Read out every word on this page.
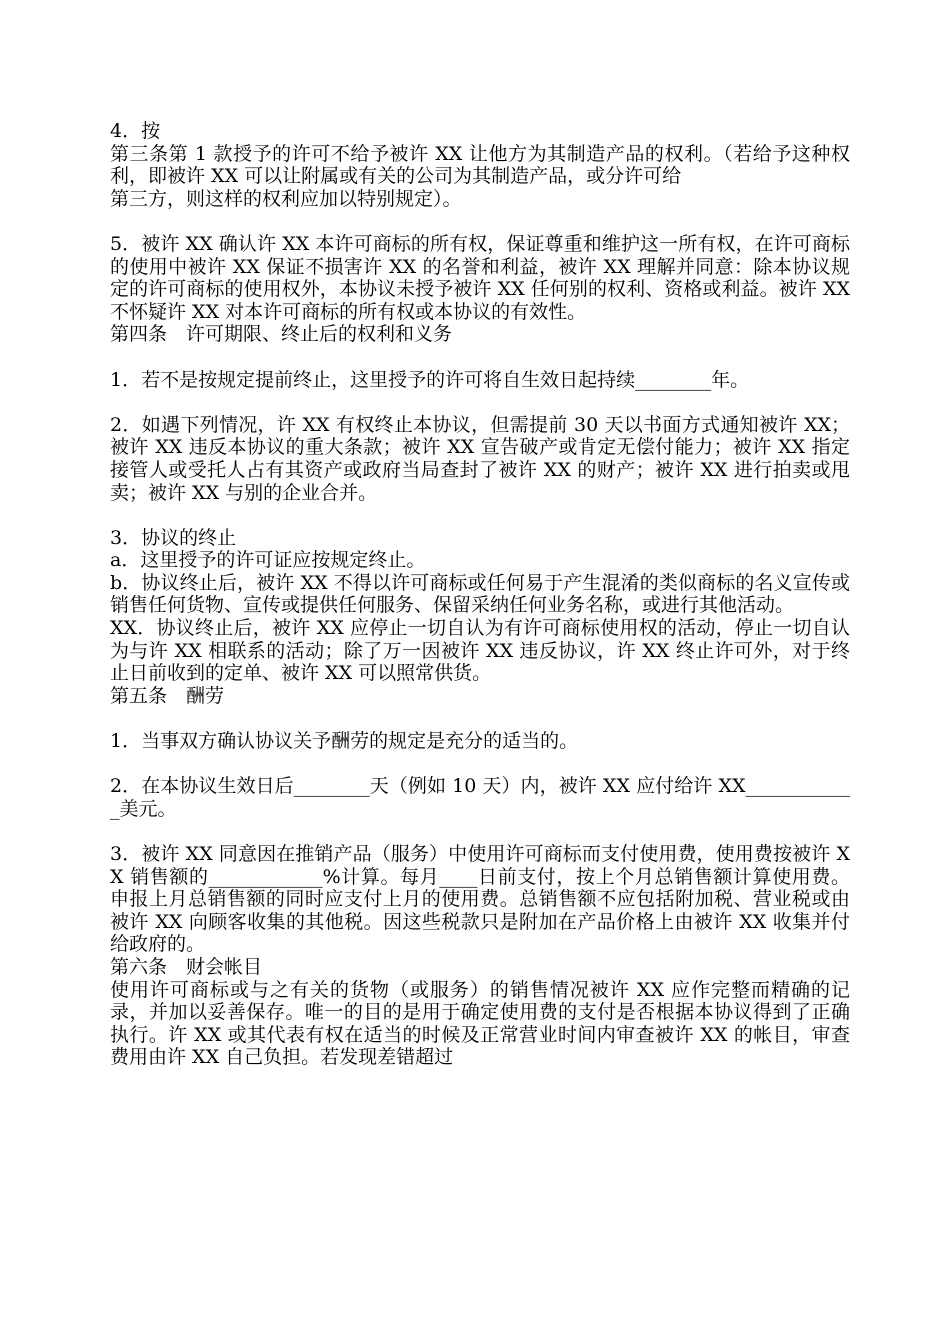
4．按

第三条第 1 款授予的许可不给予被许 XX 让他方为其制造产品的权利。（若给予这种权利，即被许 XX 可以让附属或有关的公司为其制造产品，或分许可给

第三方，则这样的权利应加以特别规定）。

5．被许 XX 确认许 XX 本许可商标的所有权，保证尊重和维护这一所有权，在许可商标的使用中被许 XX 保证不损害许 XX 的名誉和利益，被许 XX 理解并同意：除本协议规定的许可商标的使用权外，本协议未授予被许 XX 任何别的权利、资格或利益。被许 XX 不怀疑许 XX 对本许可商标的所有权或本协议的有效性。

第四条　许可期限、终止后的权利和义务

1．若不是按规定提前终止，这里授予的许可将自生效日起持续________年。

2．如遇下列情况，许 XX 有权终止本协议，但需提前 30 天以书面方式通知被许 XX；被许 XX 违反本协议的重大条款；被许 XX 宣告破产或肯定无偿付能力；被许 XX 指定接管人或受托人占有其资产或政府当局查封了被许 XX 的财产；被许 XX 进行拍卖或甩卖；被许 XX 与别的企业合并。

3．协议的终止

a．这里授予的许可证应按规定终止。

b．协议终止后，被许 XX 不得以许可商标或任何易于产生混淆的类似商标的名义宣传或销售任何货物、宣传或提供任何服务、保留采纳任何业务名称，或进行其他活动。

XX．协议终止后，被许 XX 应停止一切自认为有许可商标使用权的活动，停止一切自认为与许 XX 相联系的活动；除了万一因被许 XX 违反协议，许 XX 终止许可外，对于终止日前收到的定单、被许 XX 可以照常供货。

第五条　酬劳

1．当事双方确认协议关予酬劳的规定是充分的适当的。

2．在本协议生效日后________天（例如 10 天）内，被许 XX 应付给许 XX____________美元。

3．被许 XX 同意因在推销产品（服务）中使用许可商标而支付使用费，使用费按被许 XX 销售额的____________%计算。每月____日前支付，按上个月总销售额计算使用费。申报上月总销售额的同时应支付上月的使用费。总销售额不应包括附加税、营业税或由被许 XX 向顾客收集的其他税。因这些税款只是附加在产品价格上由被许 XX 收集并付给政府的。

第六条　财会帐目

使用许可商标或与之有关的货物（或服务）的销售情况被许 XX 应作完整而精确的记录，并加以妥善保存。唯一的目的是用于确定使用费的支付是否根据本协议得到了正确执行。许 XX 或其代表有权在适当的时候及正常营业时间内审查被许 XX 的帐目，审查费用由许 XX 自己负担。若发现差错超过
